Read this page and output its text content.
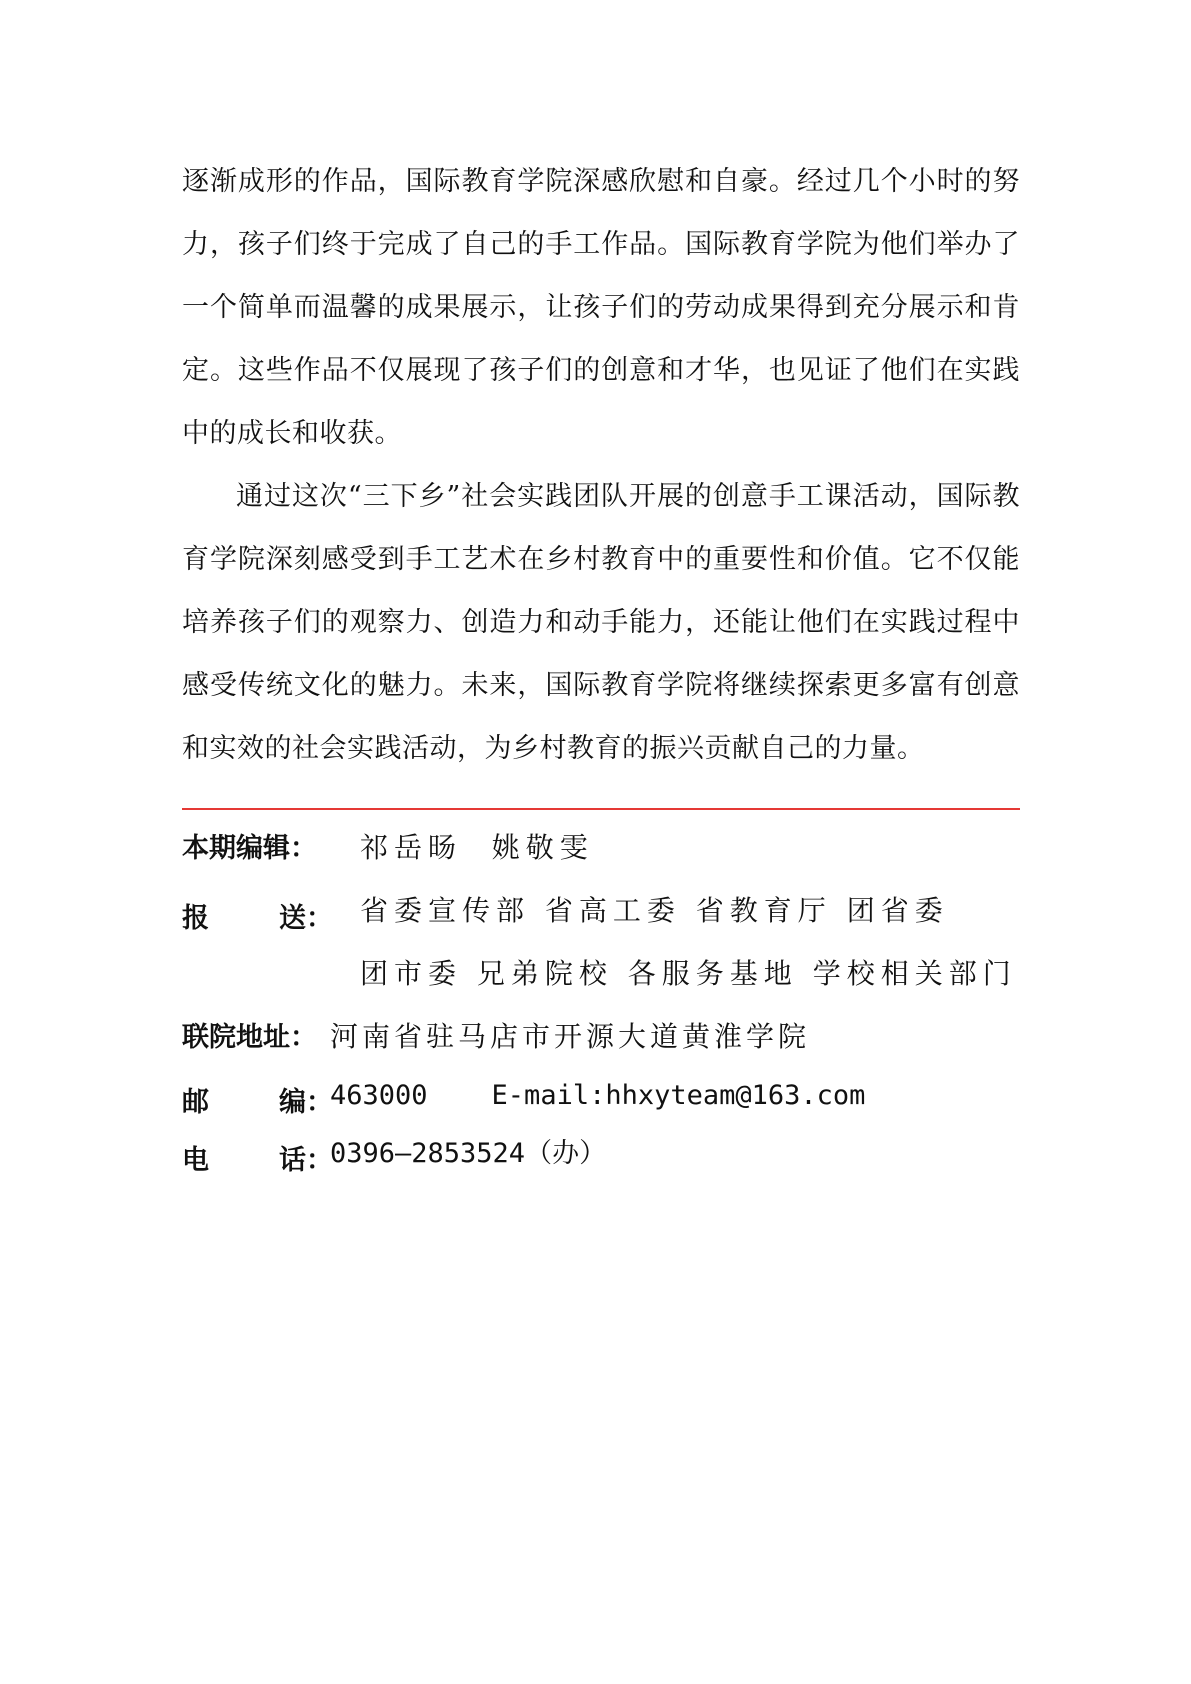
逐渐成形的作品，国际教育学院深感欣慰和自豪。经过几个小时的努力，孩子们终于完成了自己的手工作品。国际教育学院为他们举办了一个简单而温馨的成果展示，让孩子们的劳动成果得到充分展示和肯定。这些作品不仅展现了孩子们的创意和才华，也见证了他们在实践中的成长和收获。

通过这次“三下乡”社会实践团队开展的创意手工课活动，国际教育学院深刻感受到手工艺术在乡村教育中的重要性和价值。它不仅能培养孩子们的观察力、创造力和动手能力，还能让他们在实践过程中感受传统文化的魅力。未来，国际教育学院将继续探索更多富有创意和实效的社会实践活动，为乡村教育的振兴贡献自己的力量。

本期编辑： 祁岳旸  姚敬雯
报	送： 省委宣传部 省高工委 省教育厅 团省委
团市委 兄弟院校 各服务基地 学校相关部门
联院地址： 河南省驻马店市开源大道黄淮学院
邮	编：
463000 E-mail:hhxyteam@163.com
电	话：
0396—2853524（办）
